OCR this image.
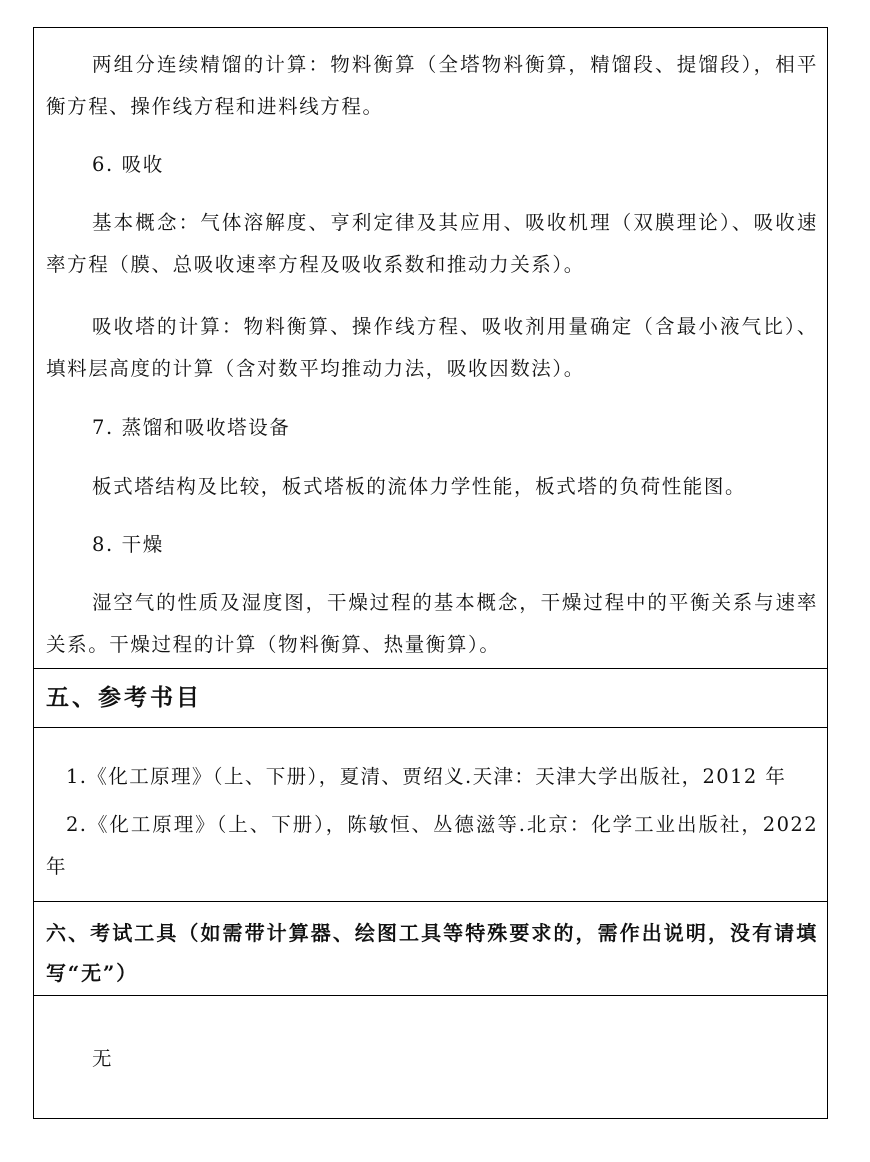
两组分连续精馏的计算：物料衡算（全塔物料衡算，精馏段、提馏段），相平衡方程、操作线方程和进料线方程。

6. 吸收

基本概念：气体溶解度、亨利定律及其应用、吸收机理（双膜理论）、吸收速率方程（膜、总吸收速率方程及吸收系数和推动力关系）。

吸收塔的计算：物料衡算、操作线方程、吸收剂用量确定（含最小液气比）、填料层高度的计算（含对数平均推动力法，吸收因数法）。

7. 蒸馏和吸收塔设备

板式塔结构及比较，板式塔板的流体力学性能，板式塔的负荷性能图。

8. 干燥

湿空气的性质及湿度图，干燥过程的基本概念，干燥过程中的平衡关系与速率关系。干燥过程的计算（物料衡算、热量衡算）。

五、参考书目

1.《化工原理》（上、下册），夏清、贾绍义.天津：天津大学出版社，2012 年

2.《化工原理》（上、下册），陈敏恒、丛德滋等.北京：化学工业出版社，2022 年

六、考试工具（如需带计算器、绘图工具等特殊要求的，需作出说明，没有请填写“无”）

无
